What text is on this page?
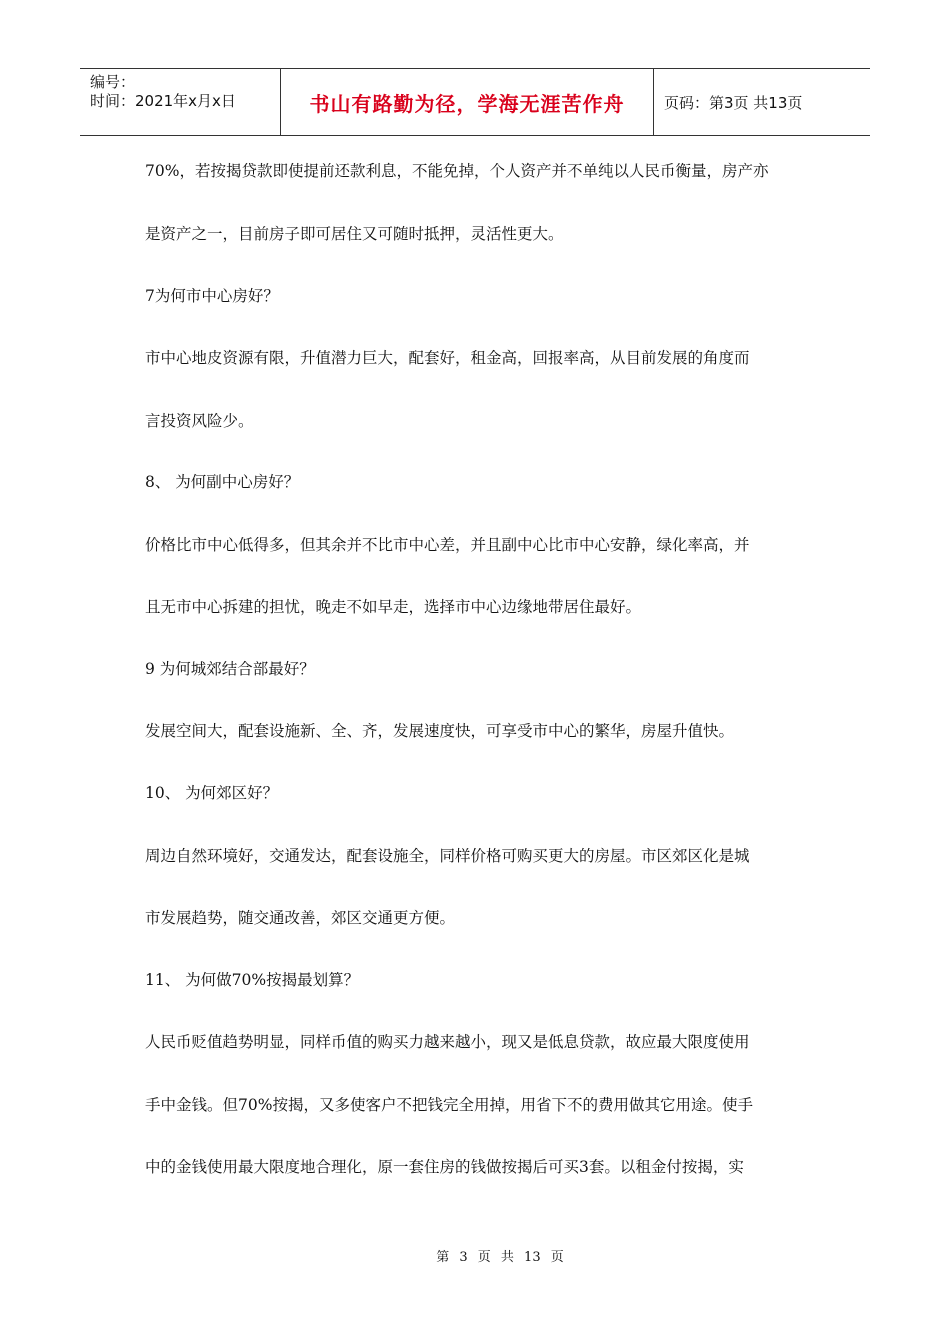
编号：
时间：2021年x月x日	书山有路勤为径，学海无涯苦作舟	页码：第3页 共13页
70%，若按揭贷款即使提前还款利息，不能免掉，个人资产并不单纯以人民币衡量，房产亦
是资产之一，目前房子即可居住又可随时抵押，灵活性更大。
7为何市中心房好？
市中心地皮资源有限，升值潜力巨大，配套好，租金高，回报率高，从目前发展的角度而
言投资风险少。
8、 为何副中心房好？
价格比市中心低得多，但其余并不比市中心差，并且副中心比市中心安静，绿化率高，并
且无市中心拆建的担忧，晚走不如早走，选择市中心边缘地带居住最好。
9 为何城郊结合部最好？
发展空间大，配套设施新、全、齐，发展速度快，可享受市中心的繁华，房屋升值快。
10、 为何郊区好？
周边自然环境好，交通发达，配套设施全，同样价格可购买更大的房屋。市区郊区化是城
市发展趋势，随交通改善，郊区交通更方便。
11、 为何做70%按揭最划算？
人民币贬值趋势明显，同样币值的购买力越来越小，现又是低息贷款，故应最大限度使用
手中金钱。但70%按揭，又多使客户不把钱完全用掉，用省下不的费用做其它用途。使手
中的金钱使用最大限度地合理化，原一套住房的钱做按揭后可买3套。以租金付按揭，实
第 3 页 共 13 页
